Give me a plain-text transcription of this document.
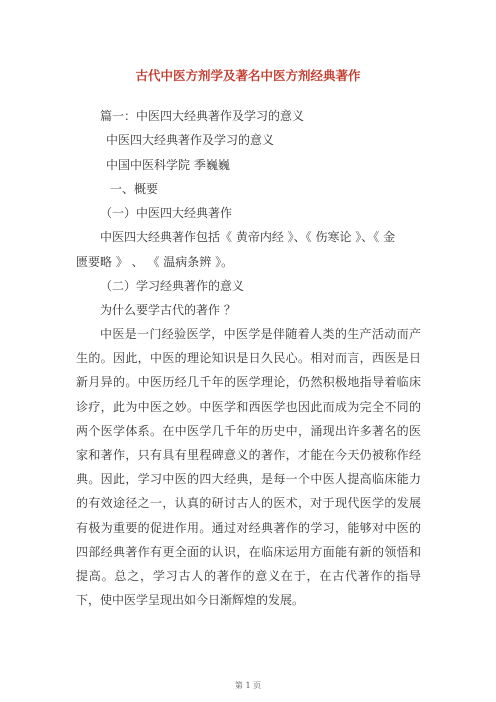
古代中医方剂学及著名中医方剂经典著作
篇一：中医四大经典著作及学习的意义
中医四大经典著作及学习的意义
中国中医科学院 季巍巍
一、概要
（一）中医四大经典著作
中医四大经典著作包括《 黄帝内经 》、《 伤寒论 》、《 金
匮要略 》 、 《 温病条辨 》。
（二）学习经典著作的意义
为什么要学古代的著作 ？
中医是一门经验医学，中医学是伴随着人类的生产活动而产生的。因此，中医的理论知识是日久民心。相对而言，西医是日新月异的。中医历经几千年的医学理论，仍然积极地指导着临床诊疗，此为中医之妙。中医学和西医学也因此而成为完全不同的两个医学体系。在中医学几千年的历史中，涌现出许多著名的医家和著作，只有具有里程碑意义的著作，才能在今天仍被称作经典。因此，学习中医的四大经典，是每一个中医人提高临床能力的有效途径之一，认真的研讨古人的医术，对于现代医学的发展有极为重要的促进作用。通过对经典著作的学习，能够对中医的四部经典著作有更全面的认识，在临床运用方面能有新的领悟和提高。总之，学习古人的著作的意义在于，在古代著作的指导下，使中医学呈现出如今日渐辉煌的发展。
第 1 页
